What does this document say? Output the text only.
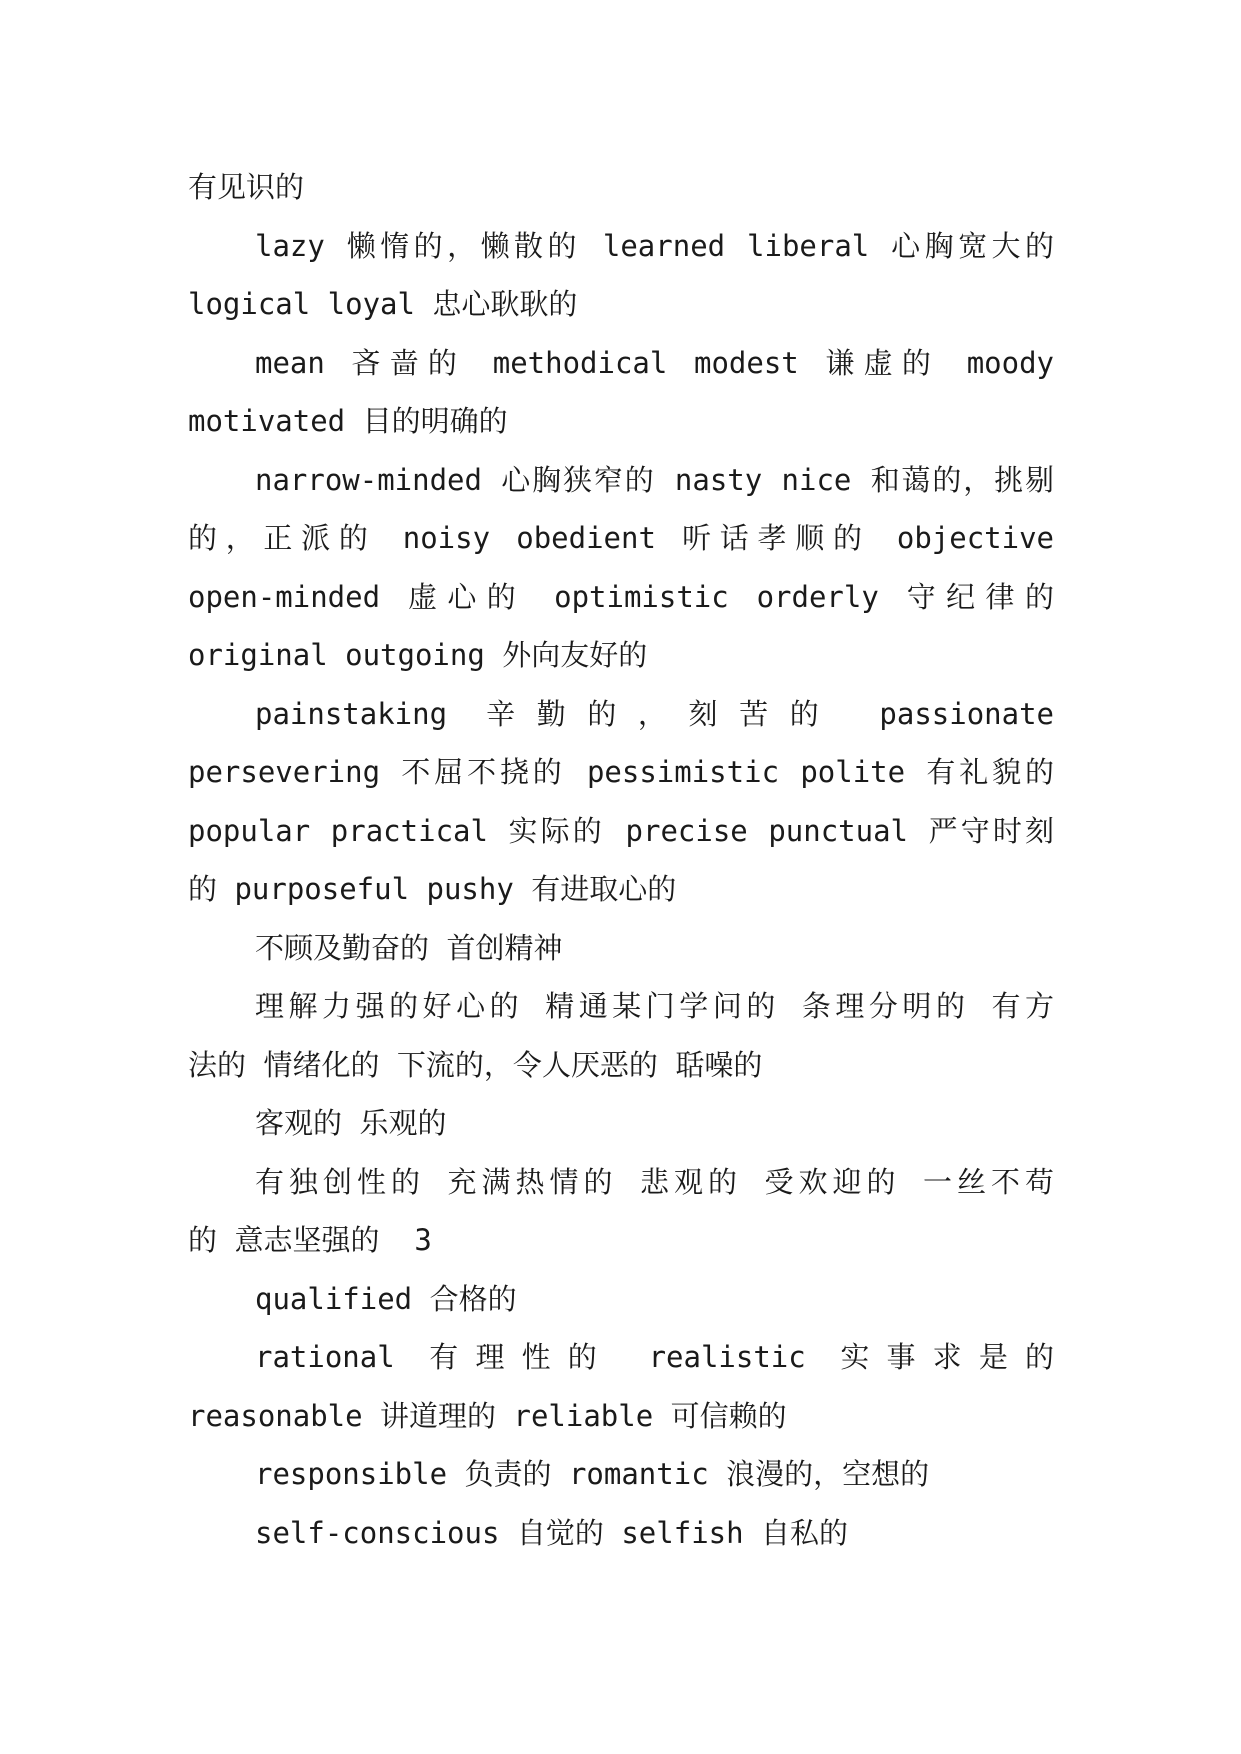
有见识的
lazy 懒惰的，懒散的 learned liberal 心胸宽大的
logical loyal 忠心耿耿的
mean 吝啬的 methodical modest 谦虚的 moody
motivated 目的明确的
narrow-minded 心胸狭窄的 nasty nice 和蔼的，挑剔
的，正派的 noisy obedient 听话孝顺的 objective
open-minded 虚心的 optimistic orderly 守纪律的
original outgoing 外向友好的
painstaking 辛勤的，刻苦的 passionate
persevering 不屈不挠的 pessimistic polite 有礼貌的
popular practical 实际的 precise punctual 严守时刻
的 purposeful pushy 有进取心的
不顾及勤奋的 首创精神
理解力强的好心的 精通某门学问的 条理分明的 有方
法的 情绪化的 下流的，令人厌恶的 聒噪的
客观的 乐观的
有独创性的 充满热情的 悲观的 受欢迎的 一丝不苟
的 意志坚强的  3
qualified 合格的
rational 有理性的 realistic 实事求是的
reasonable 讲道理的 reliable 可信赖的
responsible 负责的 romantic 浪漫的，空想的
self-conscious 自觉的 selfish 自私的
